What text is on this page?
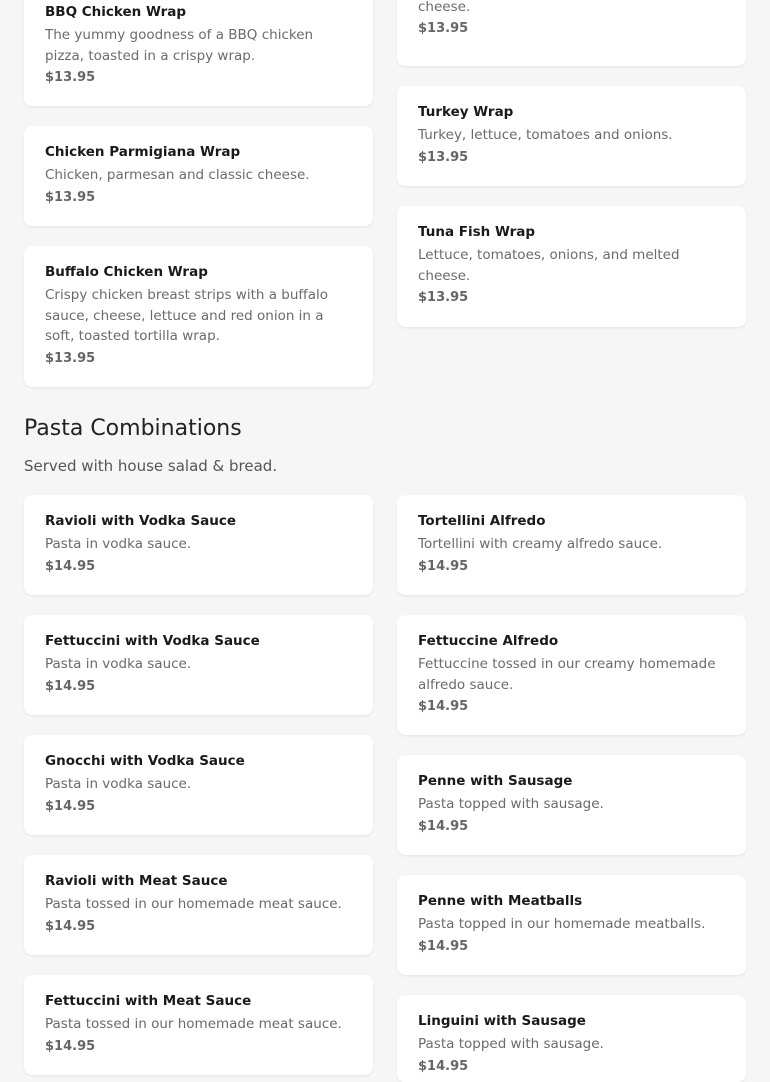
BBQ Chicken Wrap
The yummy goodness of a BBQ chicken pizza, toasted in a crispy wrap.
$13.95
Chicken Parmigiana Wrap
Chicken, parmesan and classic cheese.
$13.95
Buffalo Chicken Wrap
Crispy chicken breast strips with a buffalo sauce, cheese, lettuce and red onion in a soft, toasted tortilla wrap.
$13.95
cheese.
$13.95
Turkey Wrap
Turkey, lettuce, tomatoes and onions.
$13.95
Tuna Fish Wrap
Lettuce, tomatoes, onions, and melted cheese.
$13.95
Pasta Combinations
Served with house salad & bread.
Ravioli with Vodka Sauce
Pasta in vodka sauce.
$14.95
Fettuccini with Vodka Sauce
Pasta in vodka sauce.
$14.95
Gnocchi with Vodka Sauce
Pasta in vodka sauce.
$14.95
Ravioli with Meat Sauce
Pasta tossed in our homemade meat sauce.
$14.95
Fettuccini with Meat Sauce
Pasta tossed in our homemade meat sauce.
$14.95
Tortellini Alfredo
Tortellini with creamy alfredo sauce.
$14.95
Fettuccine Alfredo
Fettuccine tossed in our creamy homemade alfredo sauce.
$14.95
Penne with Sausage
Pasta topped with sausage.
$14.95
Penne with Meatballs
Pasta topped in our homemade meatballs.
$14.95
Linguini with Sausage
Pasta topped with sausage.
$14.95
